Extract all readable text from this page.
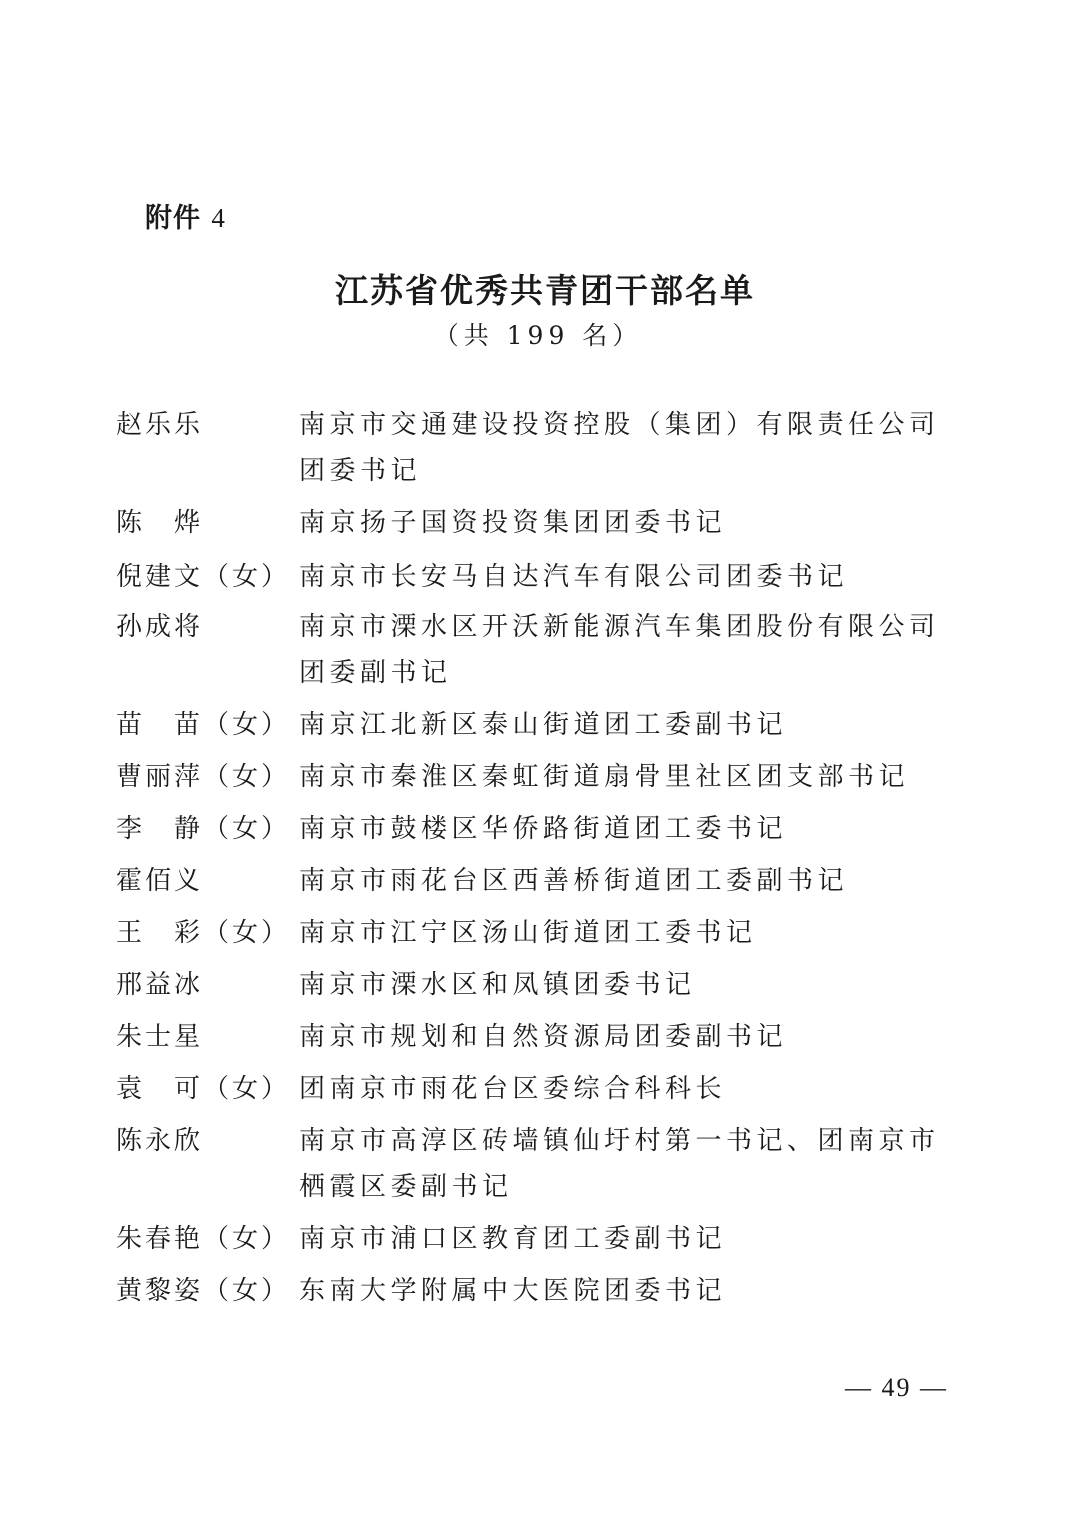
附件 4
江苏省优秀共青团干部名单
（共 199 名）
赵乐乐	南京市交通建设投资控股（集团）有限责任公司团委书记
陈　烨	南京扬子国资投资集团团委书记
倪建文（女） 南京市长安马自达汽车有限公司团委书记
孙成将	南京市溧水区开沃新能源汽车集团股份有限公司团委副书记
苗　苗（女） 南京江北新区泰山街道团工委副书记
曹丽萍（女） 南京市秦淮区秦虹街道扇骨里社区团支部书记
李　静（女） 南京市鼓楼区华侨路街道团工委书记
霍佰义	南京市雨花台区西善桥街道团工委副书记
王　彩（女） 南京市江宁区汤山街道团工委书记
邢益冰	南京市溧水区和凤镇团委书记
朱士星	南京市规划和自然资源局团委副书记
袁　可（女） 团南京市雨花台区委综合科科长
陈永欣	南京市高淳区砖墙镇仙圩村第一书记、团南京市栖霞区委副书记
朱春艳（女） 南京市浦口区教育团工委副书记
黄黎姿（女） 东南大学附属中大医院团委书记
— 49 —
